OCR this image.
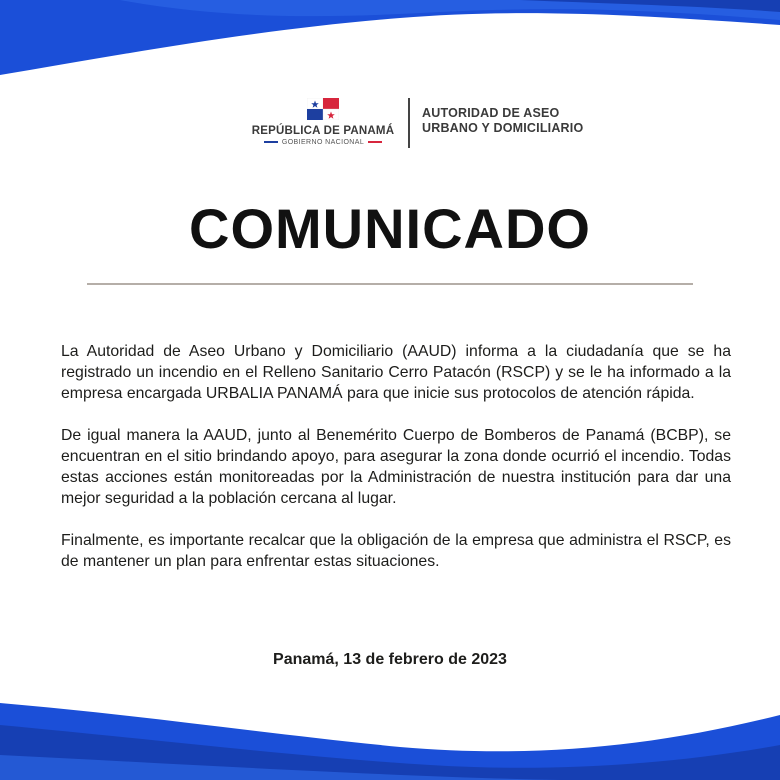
REPÚBLICA DE PANAMÁ
GOBIERNO NACIONAL
AUTORIDAD DE ASEO
URBANO Y DOMICILIARIO
COMUNICADO

La Autoridad de Aseo Urbano y Domiciliario (AAUD) informa a la ciudadanía que se ha registrado un incendio en el Relleno Sanitario Cerro Patacón (RSCP) y se le ha informado a la empresa encargada URBALIA PANAMÁ para que inicie sus protocolos de atención rápida.

De igual manera la AAUD, junto al Benemérito Cuerpo de Bomberos de Panamá (BCBP), se encuentran en el sitio brindando apoyo, para asegurar la zona donde ocurrió el incendio. Todas estas acciones están monitoreadas por la Administración de nuestra institución para dar una mejor seguridad a la población cercana al lugar.

Finalmente, es importante recalcar que la obligación de la empresa que administra el RSCP, es de mantener un plan para enfrentar estas situaciones.

Panamá, 13 de febrero de 2023
